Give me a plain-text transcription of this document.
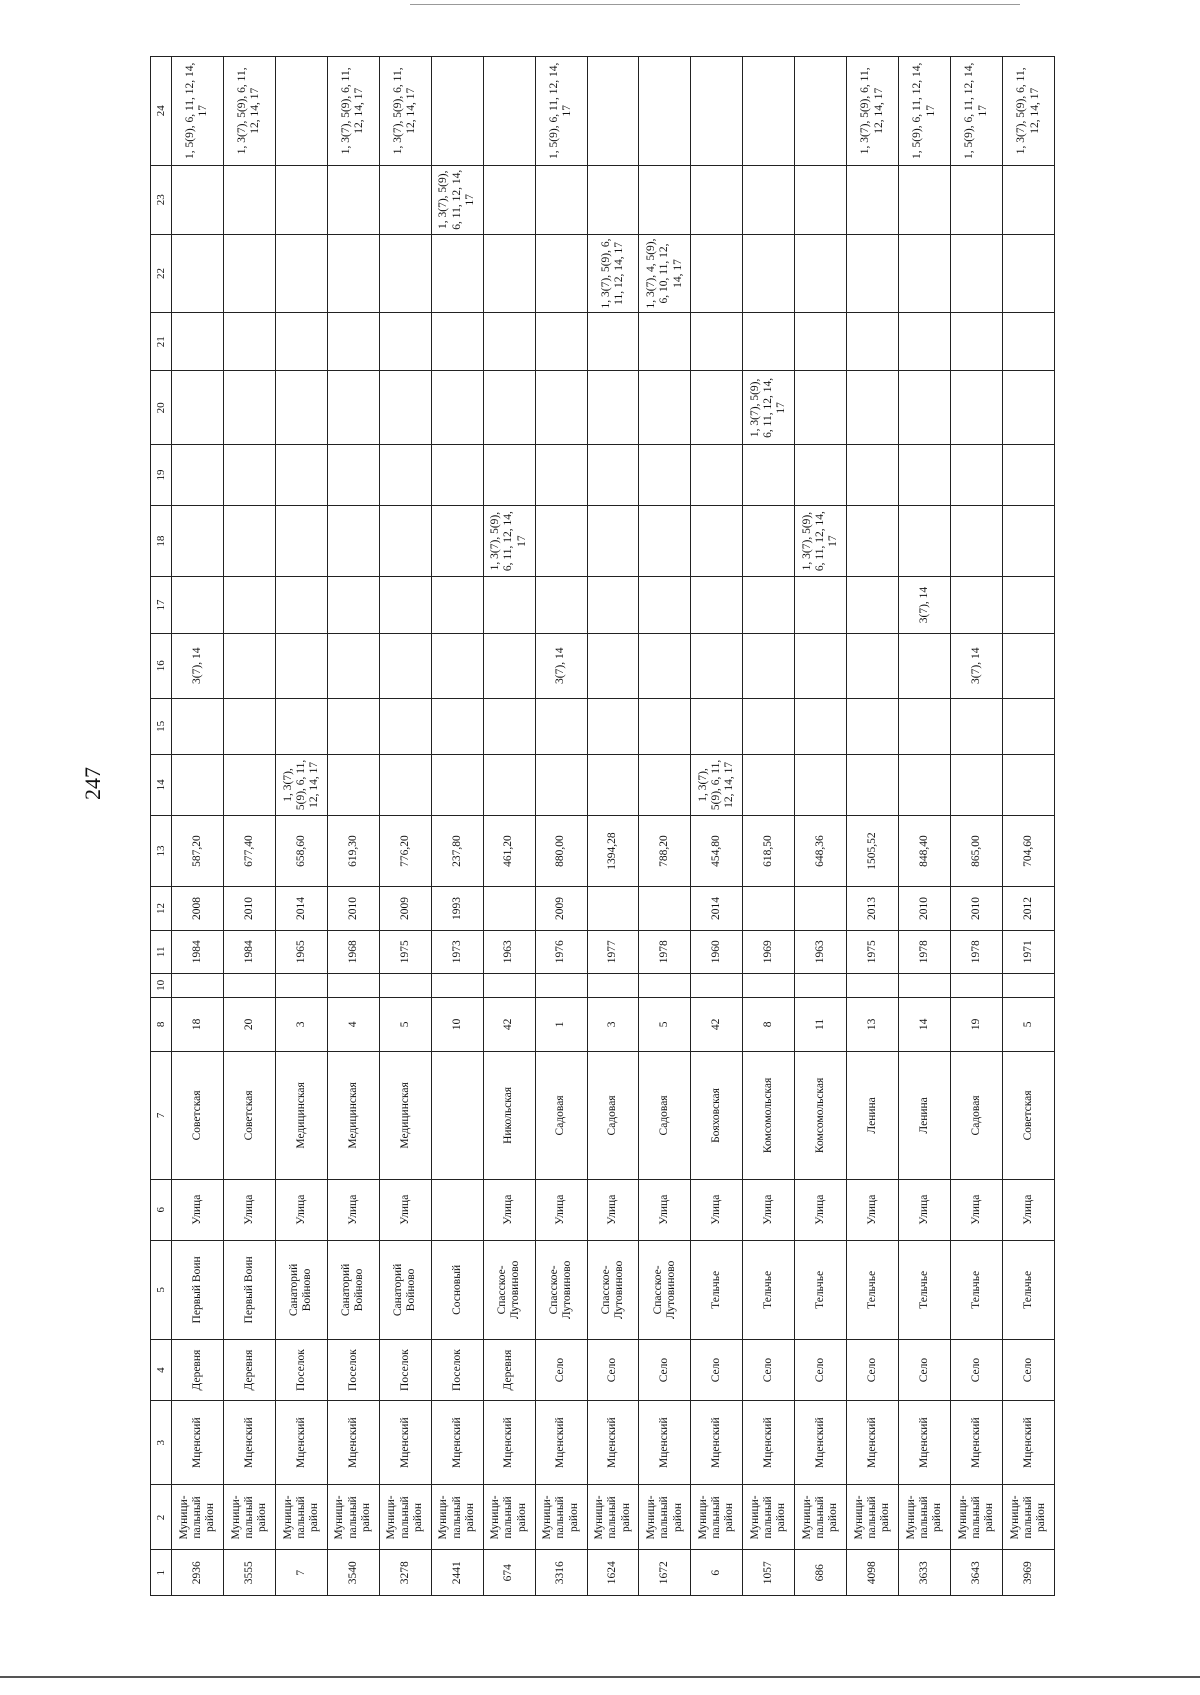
247
1	2	3	4	5	6	7	8	10	11	12	13	14	15	16	17	18	19	20	21	22	23	24
2936	Муници-пальный район	Мценский	Деревня	Первый Воин	Улица	Советская	18		1984	2008	587,20			3(7), 14								1, 5(9), 6, 11, 12, 14, 17
3555	Муници-пальный район	Мценский	Деревня	Первый Воин	Улица	Советская	20		1984	2010	677,40											1, 3(7), 5(9), 6, 11, 12, 14, 17
7	Муници-пальный район	Мценский	Поселок	Санаторий Войново	Улица	Медицинская	3		1965	2014	658,60	1, 3(7), 5(9), 6, 11, 12, 14, 17										
3540	Муници-пальный район	Мценский	Поселок	Санаторий Войново	Улица	Медицинская	4		1968	2010	619,30											1, 3(7), 5(9), 6, 11, 12, 14, 17
3278	Муници-пальный район	Мценский	Поселок	Санаторий Войново	Улица	Медицинская	5		1975	2009	776,20											1, 3(7), 5(9), 6, 11, 12, 14, 17
2441	Муници-пальный район	Мценский	Поселок	Сосновый			10		1973	1993	237,80										1, 3(7), 5(9), 6, 11, 12, 14, 17	
674	Муници-пальный район	Мценский	Деревня	Спасское-Лутовиново	Улица	Никольская	42		1963		461,20					1, 3(7), 5(9), 6, 11, 12, 14, 17						
3316	Муници-пальный район	Мценский	Село	Спасское-Лутовиново	Улица	Садовая	1		1976	2009	880,00			3(7), 14								1, 5(9), 6, 11, 12, 14, 17
1624	Муници-пальный район	Мценский	Село	Спасское-Лутовиново	Улица	Садовая	3		1977		1394,28									1, 3(7), 5(9), 6, 11, 12, 14, 17		
1672	Муници-пальный район	Мценский	Село	Спасское-Лутовиново	Улица	Садовая	5		1978		788,20									1, 3(7), 4, 5(9), 6, 10, 11, 12, 14, 17		
6	Муници-пальный район	Мценский	Село	Тельчье	Улица	Бояховская	42		1960	2014	454,80	1, 3(7), 5(9), 6, 11, 12, 14, 17										
1057	Муници-пальный район	Мценский	Село	Тельчье	Улица	Комсомольская	8		1969		618,50							1, 3(7), 5(9), 6, 11, 12, 14, 17				
686	Муници-пальный район	Мценский	Село	Тельчье	Улица	Комсомольская	11		1963		648,36					1, 3(7), 5(9), 6, 11, 12, 14, 17						
4098	Муници-пальный район	Мценский	Село	Тельчье	Улица	Ленина	13		1975	2013	1505,52											1, 3(7), 5(9), 6, 11, 12, 14, 17
3633	Муници-пальный район	Мценский	Село	Тельчье	Улица	Ленина	14		1978	2010	848,40				3(7), 14							1, 5(9), 6, 11, 12, 14, 17
3643	Муници-пальный район	Мценский	Село	Тельчье	Улица	Садовая	19		1978	2010	865,00			3(7), 14								1, 5(9), 6, 11, 12, 14, 17
3969	Муници-пальный район	Мценский	Село	Тельчье	Улица	Советская	5		1971	2012	704,60											1, 3(7), 5(9), 6, 11, 12, 14, 17
